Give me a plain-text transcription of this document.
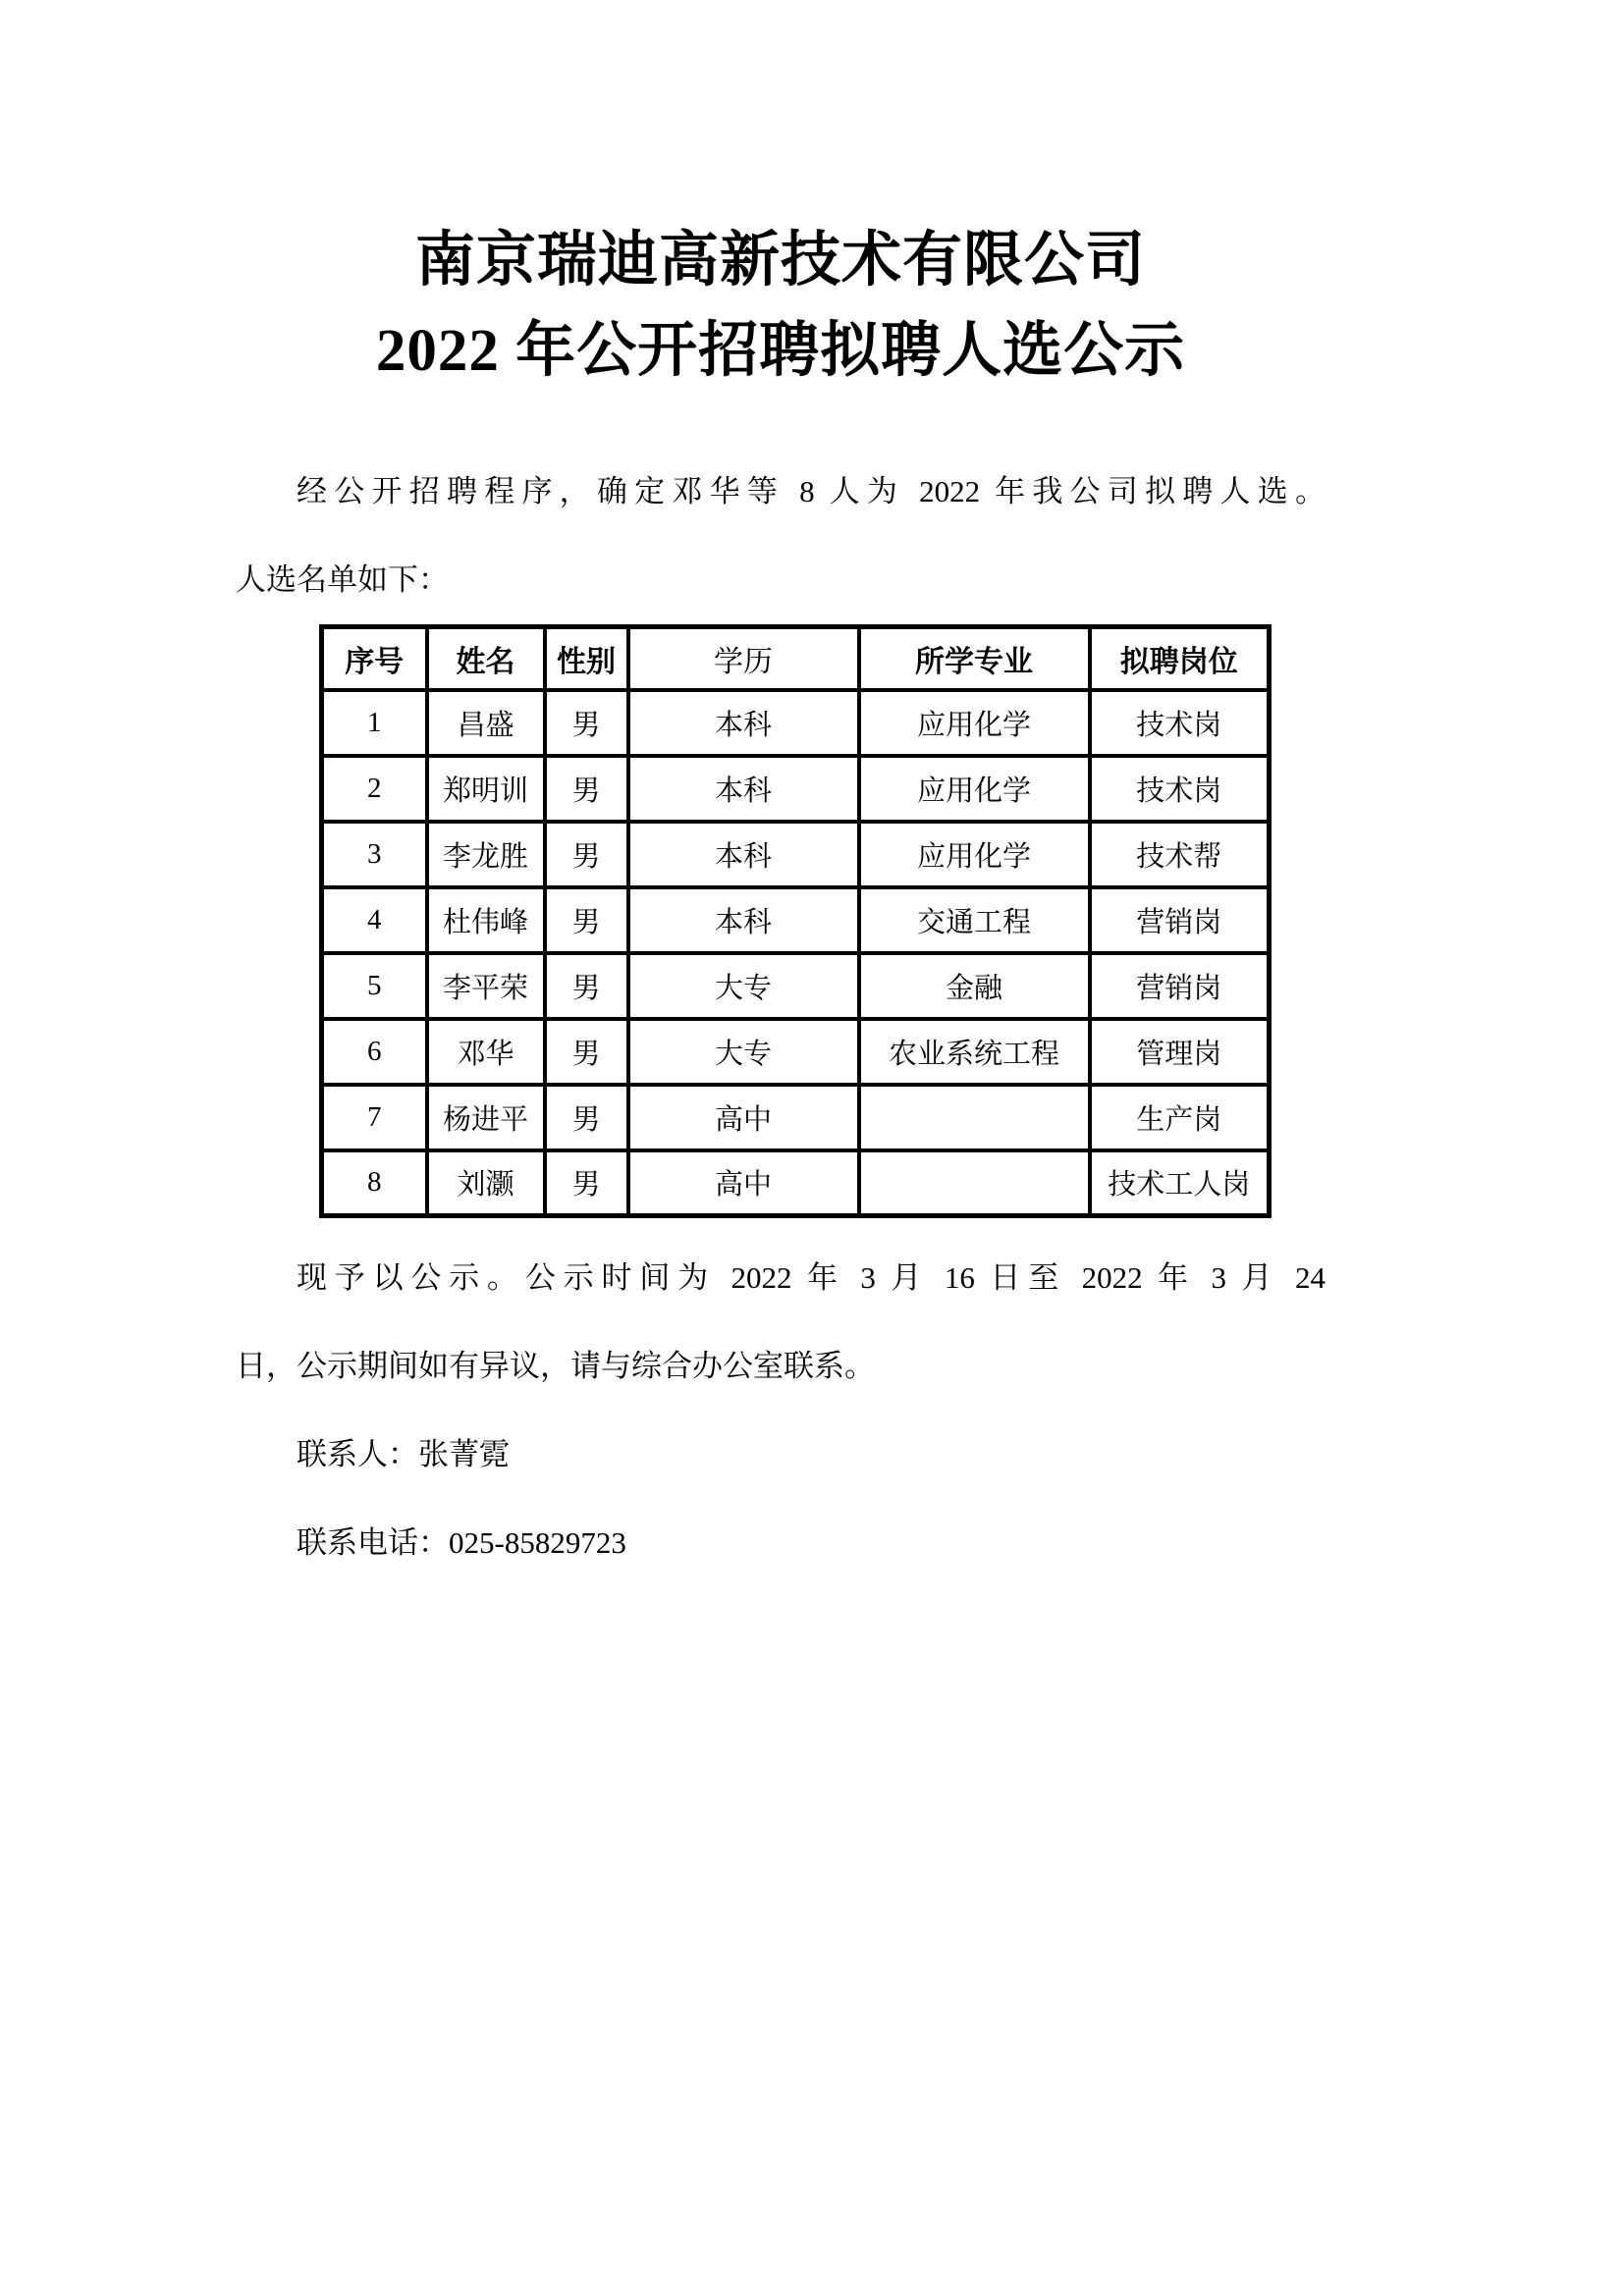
南京瑞迪高新技术有限公司
2022 年公开招聘拟聘人选公示
经公开招聘程序，确定邓华等 8 人为 2022 年我公司拟聘人选。
人选名单如下：
序号	姓名	性别	学历	所学专业	拟聘岗位
1	昌盛	男	本科	应用化学	技术岗
2	郑明训	男	本科	应用化学	技术岗
3	李龙胜	男	本科	应用化学	技术帮
4	杜伟峰	男	本科	交通工程	营销岗
5	李平荣	男	大专	金融	营销岗
6	邓华	男	大专	农业系统工程	管理岗
7	杨进平	男	高中		生产岗
8	刘灏	男	高中		技术工人岗
现予以公示。公示时间为 2022 年 3 月 16 日至 2022 年 3 月 24
日，公示期间如有异议，请与综合办公室联系。
联系人：张菁霓
联系电话：025-85829723
